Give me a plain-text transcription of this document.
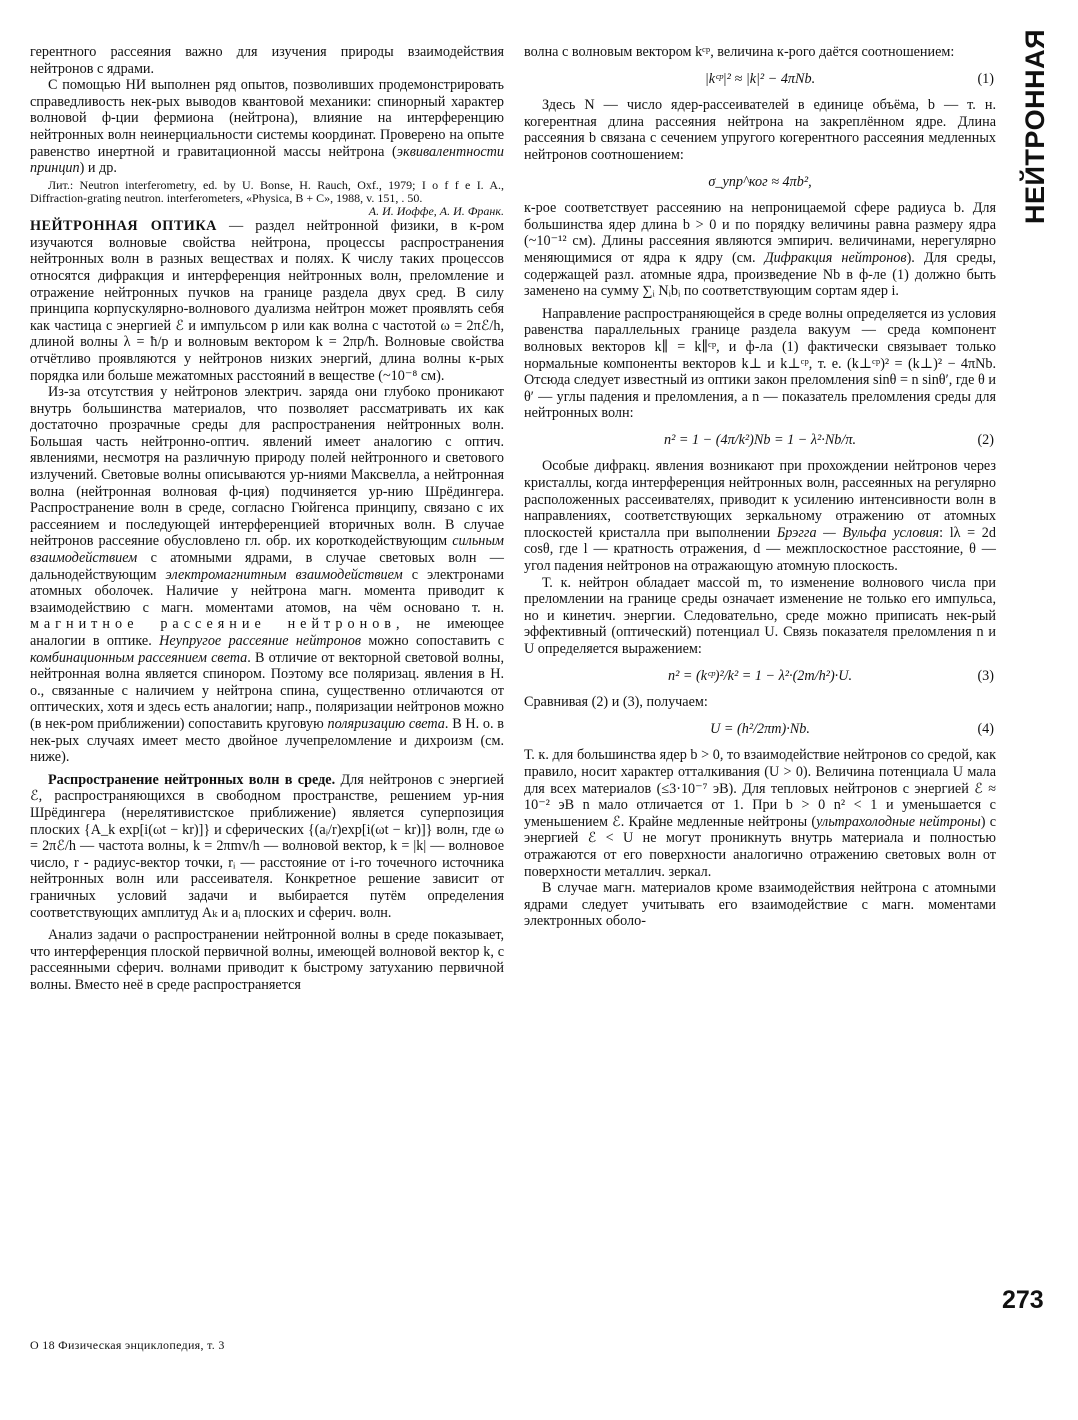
герентного рассеяния важно для изучения природы взаимодействия нейтронов с ядрами.

С помощью НИ выполнен ряд опытов, позволивших продемонстрировать справедливость нек-рых выводов квантовой механики: спинорный характер волновой ф-ции фермиона (нейтрона), влияние на интерференцию нейтронных волн неинерциальности системы координат. Проверено на опыте равенство инертной и гравитационной массы нейтрона (эквивалентности принцип) и др.

Лит.: Neutron interferometry, ed. by U. Bonse, H. Rauch, Oxf., 1979; I o f f e I. A., Diffraction-grating neutron. interferometers, «Physica, B + C», 1988, v. 151, . 50.

А. И. Иоффе, А. И. Франк.

НЕЙТРОННАЯ ОПТИКА — раздел нейтронной физики, в к-ром изучаются волновые свойства нейтрона, процессы распространения нейтронных волн в разных веществах и полях. К числу таких процессов относятся дифракция и интерференция нейтронных волн, преломление и отражение нейтронных пучков на границе раздела двух сред. В силу принципа корпускулярно-волнового дуализма нейтрон может проявлять себя как частица с энергией ℰ и импульсом p или как волна с частотой ω = 2πℰ/h, длиной волны λ = ħ/p и волновым вектором k = 2πp/ħ. Волновые свойства отчётливо проявляются у нейтронов низких энергий, длина волны к-рых порядка или больше межатомных расстояний в веществе (~10⁻⁸ см).

Из-за отсутствия у нейтронов электрич. заряда они глубоко проникают внутрь большинства материалов, что позволяет рассматривать их как достаточно прозрачные среды для распространения нейтронных волн. Большая часть нейтронно-оптич. явлений имеет аналогию с оптич. явлениями, несмотря на различную природу полей нейтронного и светового излучений. Световые волны описываются ур-ниями Максвелла, а нейтронная волна (нейтронная волновая ф-ция) подчиняется ур-нию Шрёдингера. Распространение волн в среде, согласно Гюйгенса принципу, связано с их рассеянием и последующей интерференцией вторичных волн. В случае нейтронов рассеяние обусловлено гл. обр. их короткодействующим сильным взаимодействием с атомными ядрами, в случае световых волн — дальнодействующим электромагнитным взаимодействием с электронами атомных оболочек. Наличие у нейтрона магн. момента приводит к взаимодействию с магн. моментами атомов, на чём основано т. н. магнитное рассеяние нейтронов, не имеющее аналогии в оптике. Неупругое рассеяние нейтронов можно сопоставить с комбинационным рассеянием света. В отличие от векторной световой волны, нейтронная волна является спинором. Поэтому все поляризац. явления в Н. о., связанные с наличием у нейтрона спина, существенно отличаются от оптических, хотя и здесь есть аналогии; напр., поляризации нейтронов можно (в нек-ром приближении) сопоставить круговую поляризацию света. В Н. о. в нек-рых случаях имеет место двойное лучепреломление и дихроизм (см. ниже).

Распространение нейтронных волн в среде. Для нейтронов с энергией ℰ, распространяющихся в свободном пространстве, решением ур-ния Шрёдингера (нерелятивистское приближение) является суперпозиция плоских {A_k exp[i(ωt − kr)]} и сферических {(aᵢ/r)exp[i(ωt − kr)]} волн, где ω = 2πℰ/h — частота волны, k = 2πmv/h — волновой вектор, k = |k| — волновое число, r - радиус-вектор точки, rᵢ — расстояние от i-го точечного источника нейтронных волн или рассеивателя. Конкретное решение зависит от граничных условий задачи и выбирается путём определения соответствующих амплитуд Aₖ и aᵢ плоских и сферич. волн.

Анализ задачи о распространении нейтронной волны в среде показывает, что интерференция плоской первичной волны, имеющей волновой вектор k, с рассеянными сферич. волнами приводит к быстрому затуханию первичной волны. Вместо неё в среде распространяется

волна с волновым вектором kᶜᵖ, величина к-рого даётся соотношением:

|kᶜᵖ|² ≈ |k|² − 4πNb.	(1)

Здесь N — число ядер-рассеивателей в единице объёма, b — т. н. когерентная длина рассеяния нейтрона на закреплённом ядре. Длина рассеяния b связана с сечением упругого когерентного рассеяния медленных нейтронов соотношением:

σ_упр^ког ≈ 4πb²,

к-рое соответствует рассеянию на непроницаемой сфере радиуса b. Для большинства ядер длина b > 0 и по порядку величины равна размеру ядра (~10⁻¹² см). Длины рассеяния являются эмпирич. величинами, нерегулярно меняющимися от ядра к ядру (см. Дифракция нейтронов). Для среды, содержащей разл. атомные ядра, произведение Nb в ф-ле (1) должно быть заменено на сумму ∑ᵢ Nᵢbᵢ по соответствующим сортам ядер i.

Направление распространяющейся в среде волны определяется из условия равенства параллельных границе раздела вакуум — среда компонент волновых векторов k∥ = k∥ᶜᵖ, и ф-ла (1) фактически связывает только нормальные компоненты векторов k⊥ и k⊥ᶜᵖ, т. е. (k⊥ᶜᵖ)² = (k⊥)² − 4πNb. Отсюда следует известный из оптики закон преломления sinθ = n sinθ′, где θ и θ′ — углы падения и преломления, а n — показатель преломления среды для нейтронных волн:

n² = 1 − (4π/k²)Nb = 1 − λ²·Nb/π.	(2)

Особые дифракц. явления возникают при прохождении нейтронов через кристаллы, когда интерференция нейтронных волн, рассеянных на регулярно расположенных рассеивателях, приводит к усилению интенсивности волн в направлениях, соответствующих зеркальному отражению от атомных плоскостей кристалла при выполнении Брэгга — Вульфа условия: lλ = 2d cosθ, где l — кратность отражения, d — межплоскостное расстояние, θ — угол падения нейтронов на отражающую атомную плоскость.

Т. к. нейтрон обладает массой m, то изменение волнового числа при преломлении на границе среды означает изменение не только его импульса, но и кинетич. энергии. Следовательно, среде можно приписать нек-рый эффективный (оптический) потенциал U. Связь показателя преломления n и U определяется выражением:

n² = (kᶜᵖ)²/k² = 1 − λ²·(2m/h²)·U.	(3)

Сравнивая (2) и (3), получаем:

U = (h²/2πm)·Nb.	(4)

Т. к. для большинства ядер b > 0, то взаимодействие нейтронов со средой, как правило, носит характер отталкивания (U > 0). Величина потенциала U мала для всех материалов (≤3·10⁻⁷ эВ). Для тепловых нейтронов с энергией ℰ ≈ 10⁻² эВ n мало отличается от 1. При b > 0 n² < 1 и уменьшается с уменьшением ℰ. Крайне медленные нейтроны (ультрахолодные нейтроны) с энергией ℰ < U не могут проникнуть внутрь материала и полностью отражаются от его поверхности аналогично отражению световых волн от поверхности металлич. зеркал.

В случае магн. материалов кроме взаимодействия нейтрона с атомными ядрами следует учитывать его взаимодействие с магн. моментами электронных оболо-

НЕЙТРОННАЯ
273
О 18 Физическая энциклопедия, т. 3
